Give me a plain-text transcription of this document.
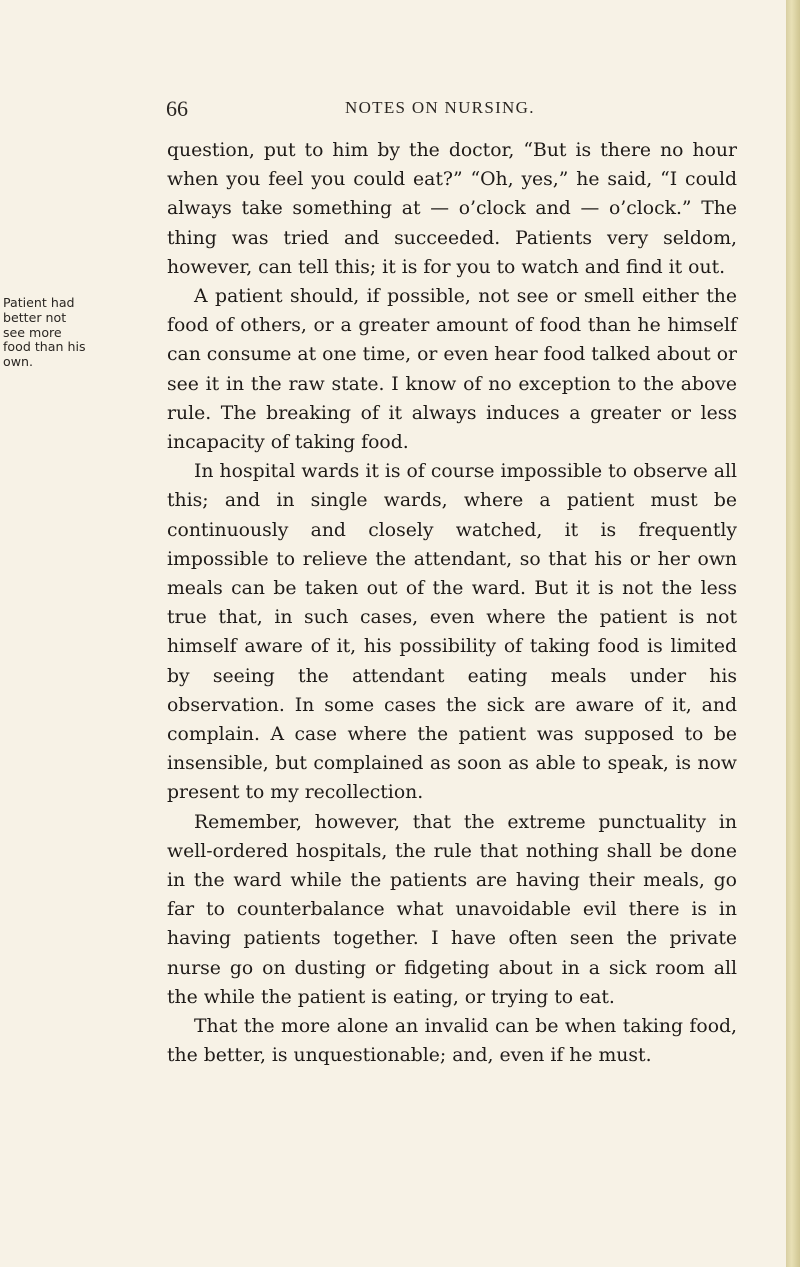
66	NOTES ON NURSING.
Patient had
better not
see more
food than his
own.

question, put to him by the doctor, “But is there no hour when you feel you could eat?” “Oh, yes,” he said, “I could always take something at — o’clock and — o’clock.” The thing was tried and succeeded. Patients very seldom, however, can tell this; it is for you to watch and find it out.

A patient should, if possible, not see or smell either the food of others, or a greater amount of food than he himself can consume at one time, or even hear food talked about or see it in the raw state. I know of no exception to the above rule. The breaking of it always induces a greater or less incapacity of taking food.

In hospital wards it is of course impossible to observe all this; and in single wards, where a patient must be continuously and closely watched, it is frequently impossible to relieve the attendant, so that his or her own meals can be taken out of the ward. But it is not the less true that, in such cases, even where the patient is not himself aware of it, his possibility of taking food is limited by seeing the attendant eating meals under his observation. In some cases the sick are aware of it, and complain. A case where the patient was supposed to be insensible, but complained as soon as able to speak, is now present to my recollection.

Remember, however, that the extreme punctuality in well-ordered hospitals, the rule that nothing shall be done in the ward while the patients are having their meals, go far to counterbalance what unavoidable evil there is in having patients together. I have often seen the private nurse go on dusting or fidgeting about in a sick room all the while the patient is eating, or trying to eat.

That the more alone an invalid can be when taking food, the better, is unquestionable; and, even if he must.
